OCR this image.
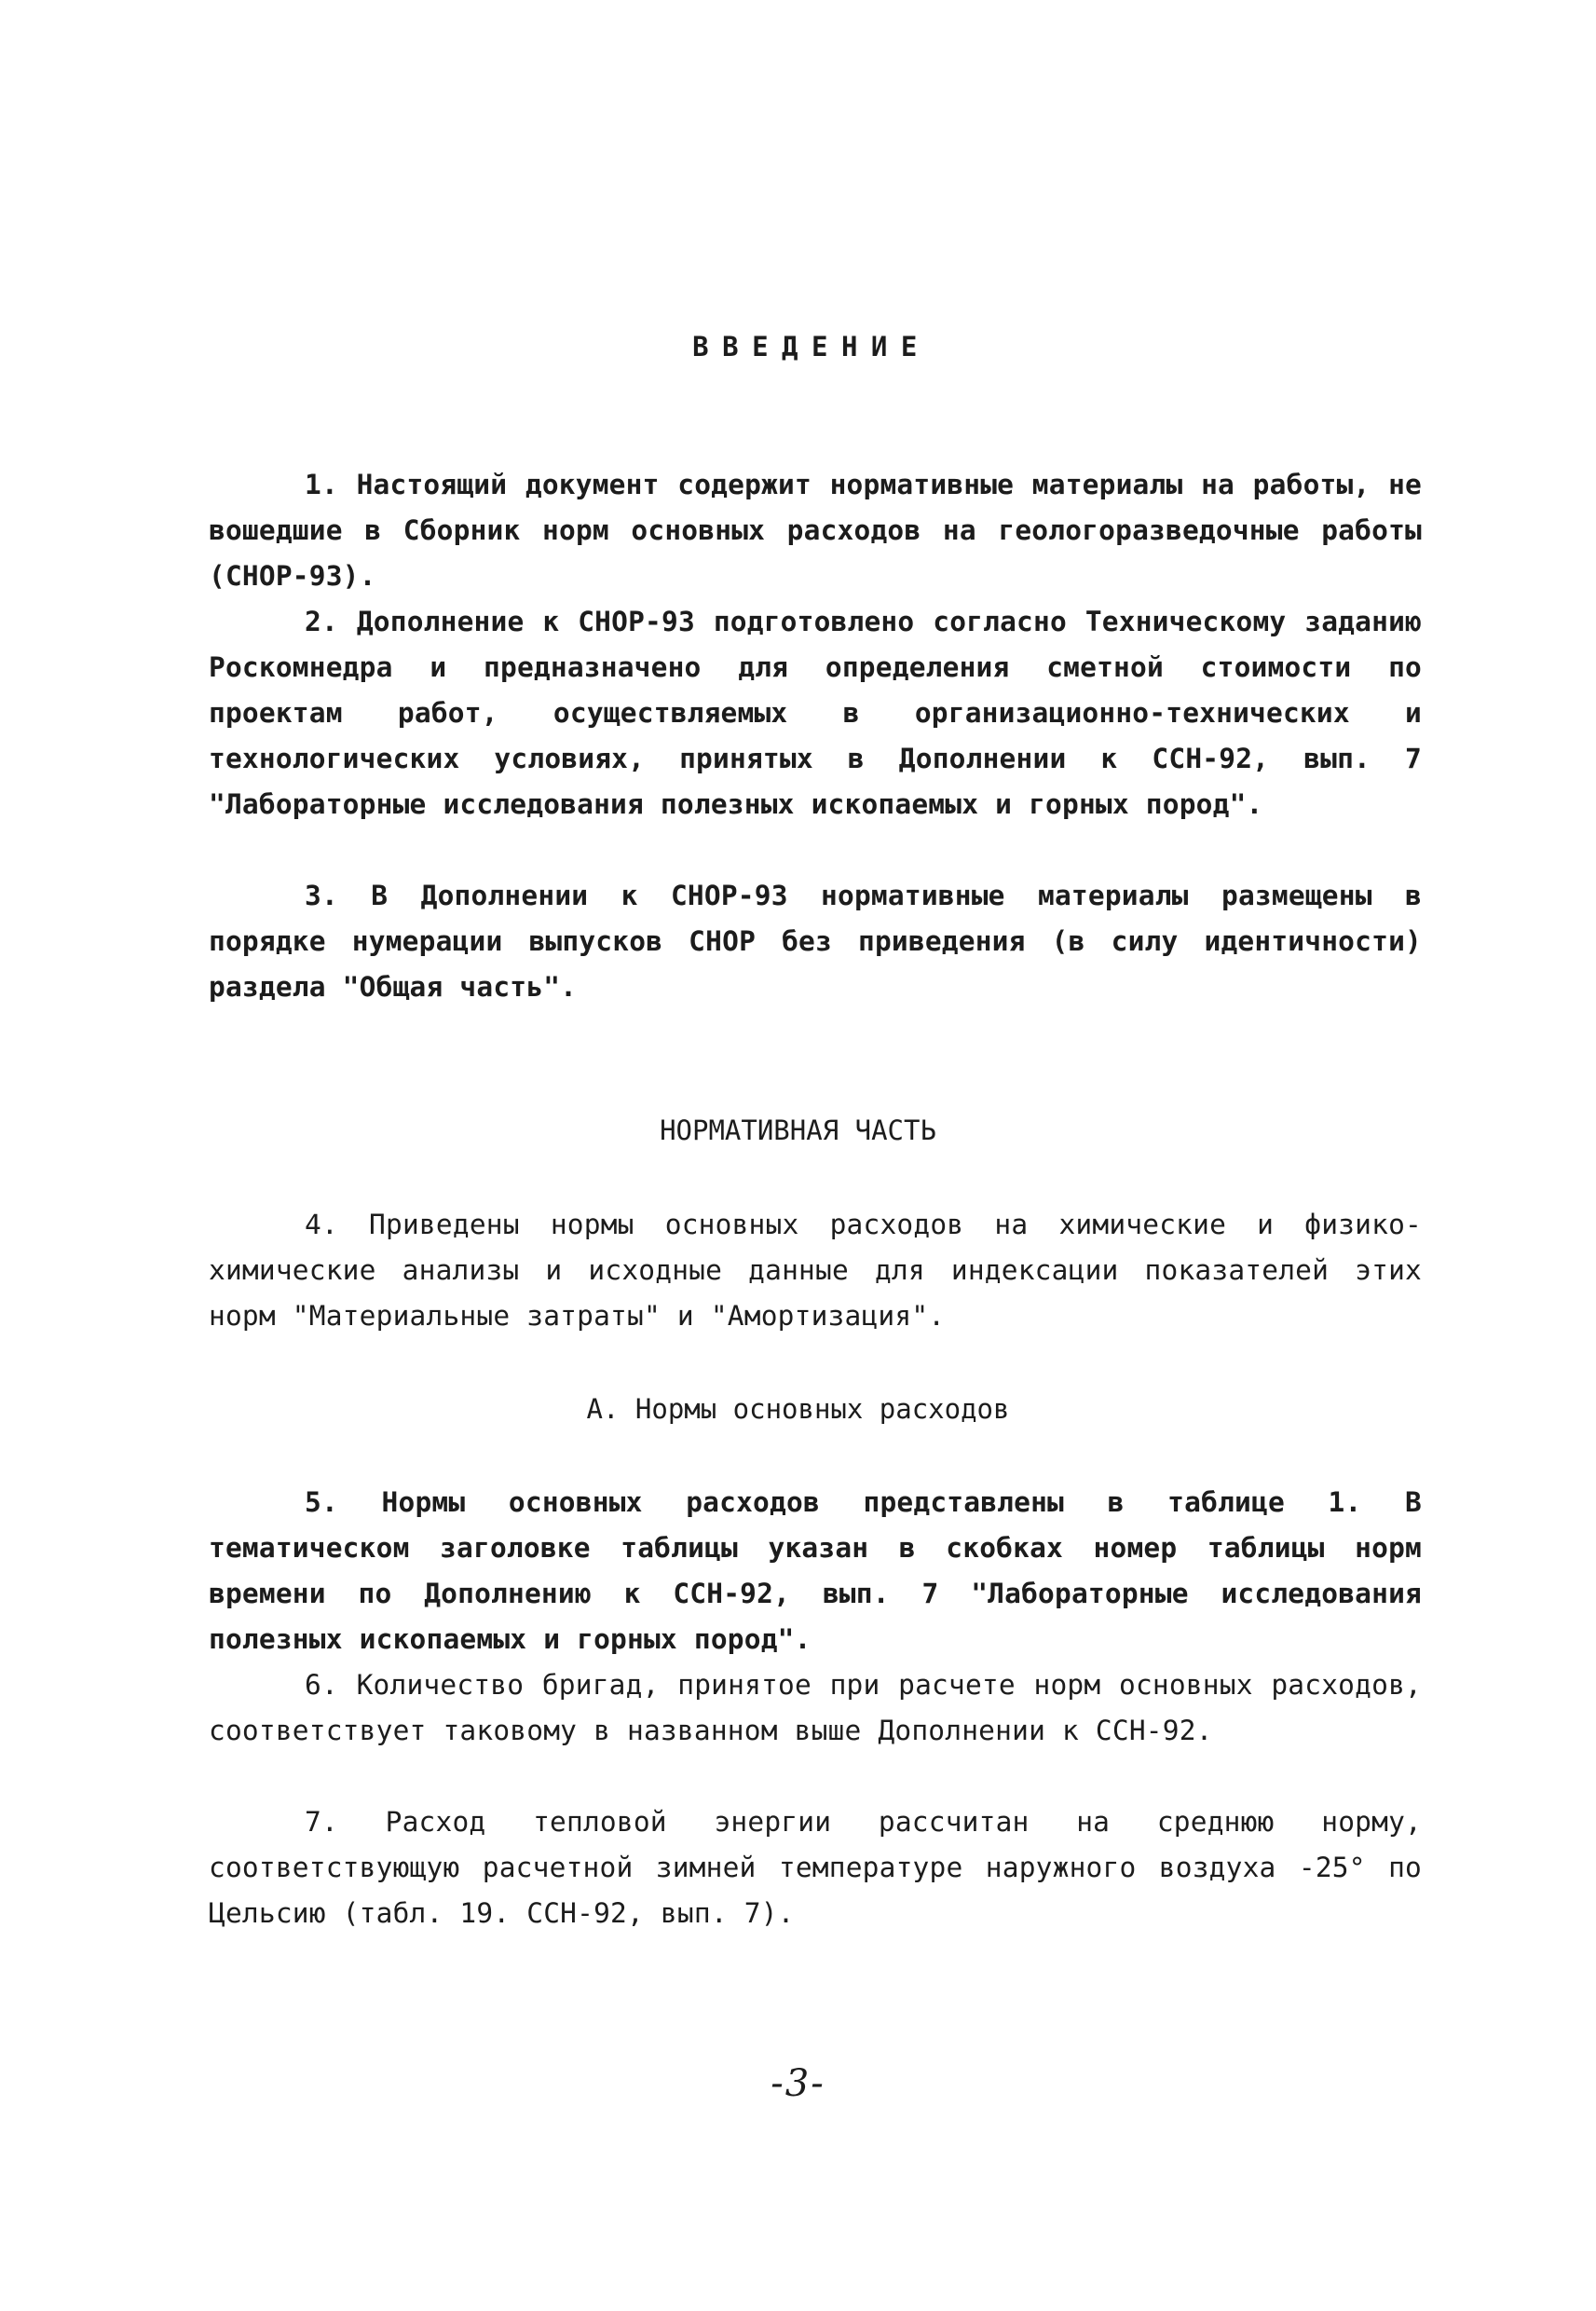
ВВЕДЕНИЕ
1. Настоящий документ содержит нормативные материалы на работы, не вошедшие в Сборник норм основных расходов на геологоразведочные работы (СНОР-93).
2. Дополнение к СНОР-93 подготовлено согласно Техническому заданию Роскомнедра и предназначено для определения сметной стоимости по проектам работ, осуществляемых в организационно-технических и технологических условиях, принятых в Дополнении к ССН-92, вып. 7 "Лабораторные исследования полезных ископаемых и горных пород".
3. В Дополнении к СНОР-93 нормативные материалы размещены в порядке нумерации выпусков СНОР без приведения (в силу идентичности) раздела "Общая часть".
НОРМАТИВНАЯ ЧАСТЬ
4. Приведены нормы основных расходов на химические и физико-химические анализы и исходные данные для индексации показателей этих норм "Материальные затраты" и "Амортизация".
А. Нормы основных расходов
5. Нормы основных расходов представлены в таблице 1. В тематическом заголовке таблицы указан в скобках номер таблицы норм времени по Дополнению к ССН-92, вып. 7 "Лабораторные исследования полезных ископаемых и горных пород".
6. Количество бригад, принятое при расчете норм основных расходов, соответствует таковому в названном выше Дополнении к ССН-92.
7. Расход тепловой энергии рассчитан на среднюю норму, соответствующую расчетной зимней температуре наружного воздуха -25° по Цельсию (табл. 19. ССН-92, вып. 7).
-3-
